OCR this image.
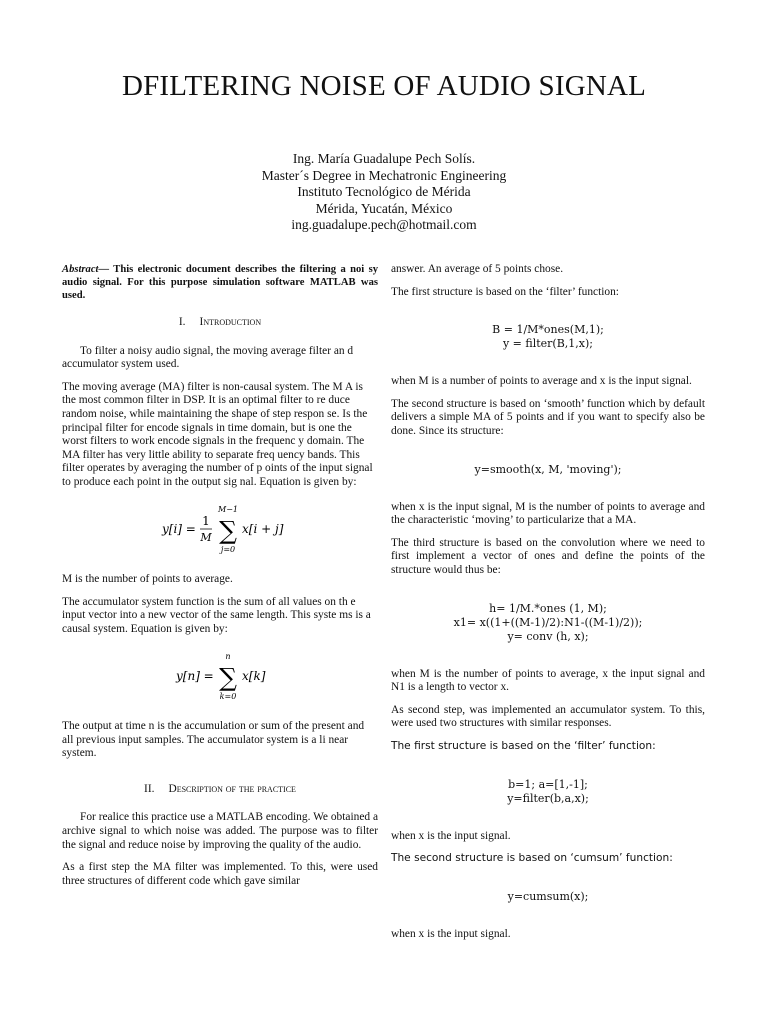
DFILTERING NOISE OF AUDIO SIGNAL
Ing. María Guadalupe Pech Solís.
Master´s Degree in Mechatronic Engineering
Instituto Tecnológico de Mérida
Mérida, Yucatán, México
ing.guadalupe.pech@hotmail.com

Abstract— This electronic document describes the filtering a noi sy audio signal. For this purpose simulation software MATLAB was used.

I. Introduction

To filter a noisy audio signal, the moving average filter an d accumulator system used.

The moving average (MA) filter is non-causal system. The M A is the most common filter in DSP. It is an optimal filter to re duce random noise, while maintaining the shape of step respon se. Is the principal filter for encode signals in time domain, but is one the worst filters to work encode signals in the frequenc y domain. The MA filter has very little ability to separate freq uency bands. This filter operates by averaging the number of p oints of the input signal to produce each point in the output sig nal. Equation is given by:

y[i] =
1
M
M−1
∑
j=0
x[i + j]

M is the number of points to average.

The accumulator system function is the sum of all values on th e input vector into a new vector of the same length. This syste ms is a causal system. Equation is given by:

y[n] =
n
∑
k=0
x[k]

The output at time n is the accumulation or sum of the present and all previous input samples. The accumulator system is a li near system.

II. Description of the practice

For realice this practice use a MATLAB encoding. We obtained a archive signal to which noise was added. The purpose was to filter the signal and reduce noise by improving the quality of the audio.

As a first step the MA filter was implemented. To this, were used three structures of different code which gave similar

answer. An average of 5 points chose.

The first structure is based on the ‘filter’ function:

B = 1/M*ones(M,1);
y = filter(B,1,x);

when M is a number of points to average and x is the input signal.

The second structure is based on ‘smooth’ function which by default delivers a simple MA of 5 points and if you want to specify also be done. Since its structure:

y=smooth(x, M, 'moving');

when x is the input signal, M is the number of points to average and the characteristic ‘moving’ to particularize that a MA.

The third structure is based on the convolution where we need to first implement a vector of ones and define the points of the structure would thus be:

h= 1/M.*ones (1, M);
x1= x((1+((M-1)/2):N1-((M-1)/2));
y= conv (h, x);

when M is the number of points to average, x the input signal and N1 is a length to vector x.

As second step, was implemented an accumulator system. To this, were used two structures with similar responses.

The first structure is based on the ‘filter’ function:

b=1; a=[1,-1];
y=filter(b,a,x);

when x is the input signal.

The second structure is based on ‘cumsum’ function:

y=cumsum(x);

when x is the input signal.
